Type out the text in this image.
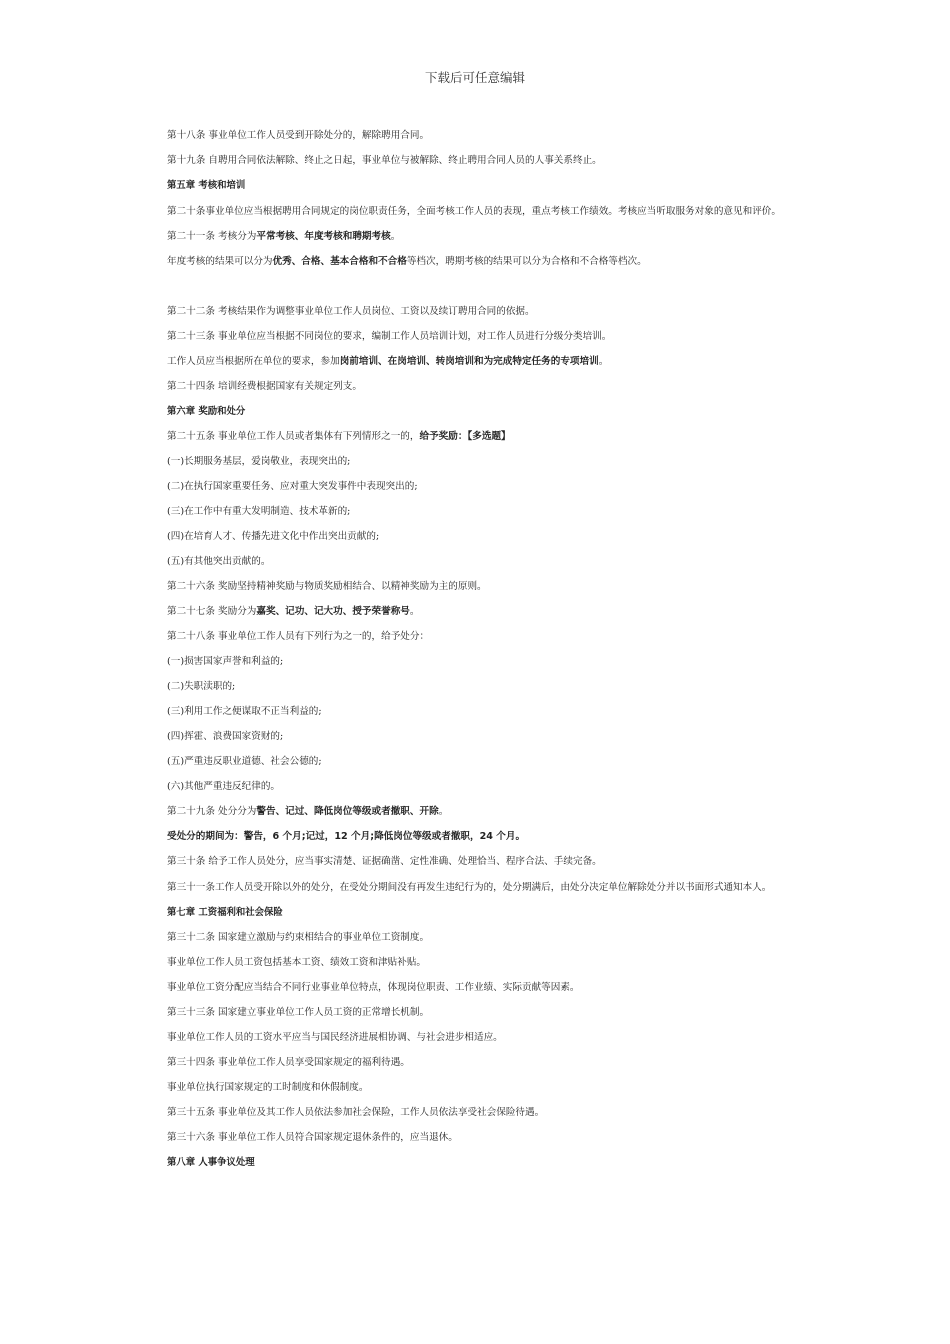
下载后可任意编辑

第十八条 事业单位工作人员受到开除处分的，解除聘用合同。

第十九条 自聘用合同依法解除、终止之日起，事业单位与被解除、终止聘用合同人员的人事关系终止。

第五章 考核和培训

第二十条事业单位应当根据聘用合同规定的岗位职责任务，全面考核工作人员的表现，重点考核工作绩效。考核应当听取服务对象的意见和评价。

第二十一条 考核分为平常考核、年度考核和聘期考核。

年度考核的结果可以分为优秀、合格、基本合格和不合格等档次，聘期考核的结果可以分为合格和不合格等档次。

第二十二条 考核结果作为调整事业单位工作人员岗位、工资以及续订聘用合同的依据。

第二十三条 事业单位应当根据不同岗位的要求，编制工作人员培训计划，对工作人员进行分级分类培训。

工作人员应当根据所在单位的要求，参加岗前培训、在岗培训、转岗培训和为完成特定任务的专项培训。

第二十四条 培训经费根据国家有关规定列支。

第六章 奖励和处分

第二十五条 事业单位工作人员或者集体有下列情形之一的，给予奖励：【多选题】

(一)长期服务基层，爱岗敬业，表现突出的;

(二)在执行国家重要任务、应对重大突发事件中表现突出的;

(三)在工作中有重大发明制造、技术革新的;

(四)在培育人才、传播先进文化中作出突出贡献的;

(五)有其他突出贡献的。

第二十六条 奖励坚持精神奖励与物质奖励相结合、以精神奖励为主的原则。

第二十七条 奖励分为嘉奖、记功、记大功、授予荣誉称号。

第二十八条 事业单位工作人员有下列行为之一的，给予处分：

(一)损害国家声誉和利益的;

(二)失职渎职的;

(三)利用工作之便谋取不正当利益的;

(四)挥霍、浪费国家资财的;

(五)严重违反职业道德、社会公德的;

(六)其他严重违反纪律的。

第二十九条 处分分为警告、记过、降低岗位等级或者撤职、开除。

受处分的期间为：警告，6 个月;记过，12 个月;降低岗位等级或者撤职，24 个月。

第三十条 给予工作人员处分，应当事实清楚、证据确凿、定性准确、处理恰当、程序合法、手续完备。

第三十一条工作人员受开除以外的处分，在受处分期间没有再发生违纪行为的，处分期满后，由处分决定单位解除处分并以书面形式通知本人。

第七章 工资福利和社会保险

第三十二条 国家建立激励与约束相结合的事业单位工资制度。

事业单位工作人员工资包括基本工资、绩效工资和津贴补贴。

事业单位工资分配应当结合不同行业事业单位特点，体现岗位职责、工作业绩、实际贡献等因素。

第三十三条 国家建立事业单位工作人员工资的正常增长机制。

事业单位工作人员的工资水平应当与国民经济进展相协调、与社会进步相适应。

第三十四条 事业单位工作人员享受国家规定的福利待遇。

事业单位执行国家规定的工时制度和休假制度。

第三十五条 事业单位及其工作人员依法参加社会保险，工作人员依法享受社会保险待遇。

第三十六条 事业单位工作人员符合国家规定退休条件的，应当退休。

第八章 人事争议处理
